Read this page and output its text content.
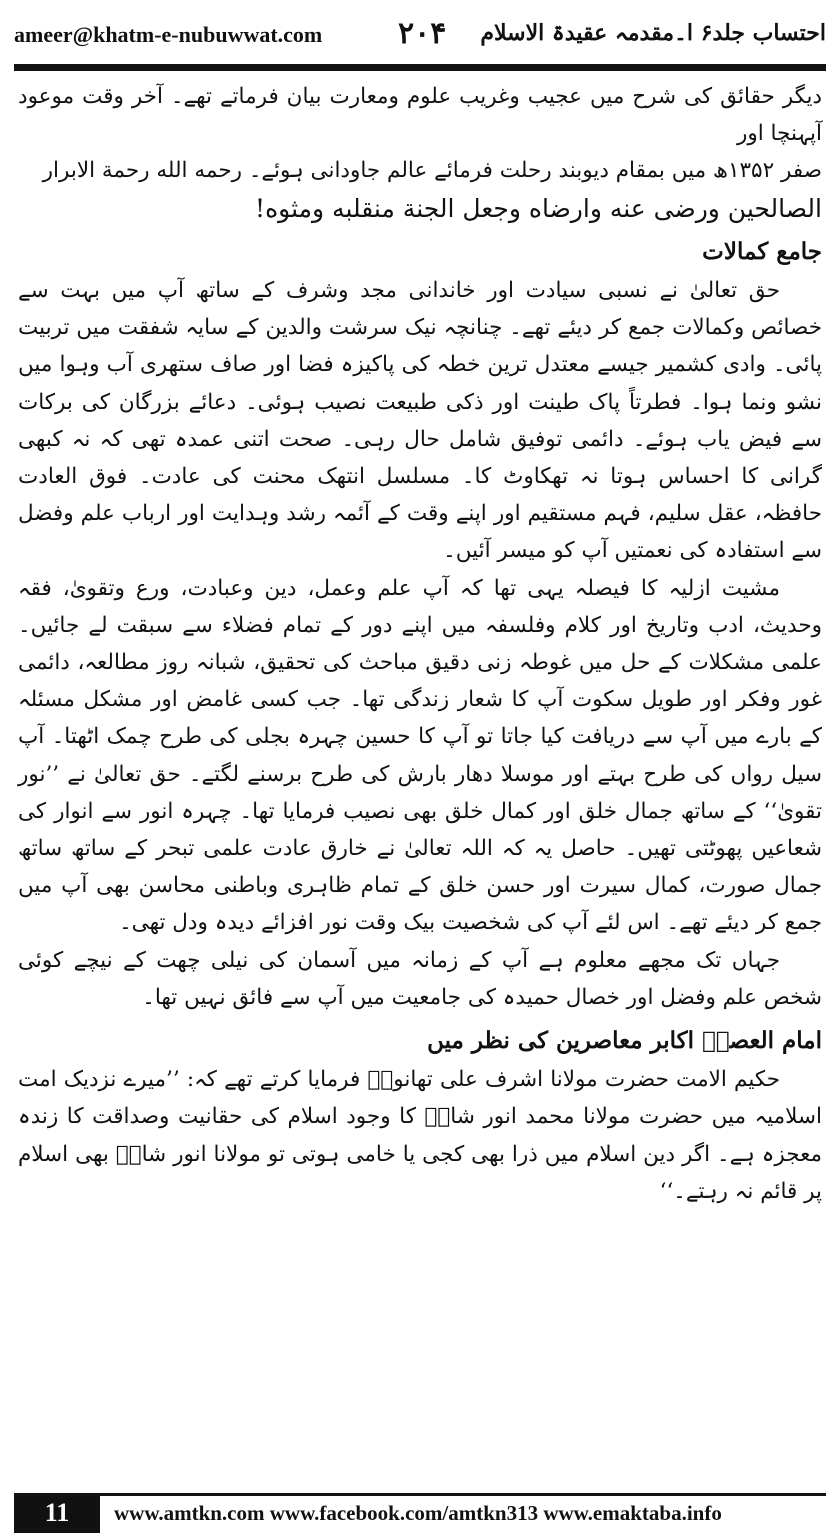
ameer@khatm-e-nubuwwat.com	۲۰۴ احتساب جلد۶ ا۔مقدمہ عقیدۃ الاسلام

دیگر حقائق کی شرح میں عجیب وغریب علوم ومعارت بیان فرماتے تھے۔ آخر وقت موعود آپہنچا اور

صفر ۱۳۵۲ھ میں بمقام دیوبند رحلت فرمائے عالم جاودانی ہوئے۔ رحمه الله رحمة الابرار

الصالحين ورضى عنه وارضاه وجعل الجنة منقلبه ومثوه!

جامع کمالات

حق تعالیٰ نے نسبی سیادت اور خاندانی مجد وشرف کے ساتھ آپ میں بہت سے خصائص وکمالات جمع کر دیئے تھے۔ چنانچہ نیک سرشت والدین کے سایہ شفقت میں تربیت پائی۔ وادی کشمیر جیسے معتدل ترین خطہ کی پاکیزہ فضا اور صاف ستھری آب وہوا میں نشو ونما ہوا۔ فطرتاً پاک طینت اور ذکی طبیعت نصیب ہوئی۔ دعائے بزرگان کی برکات سے فیض یاب ہوئے۔ دائمی توفیق شامل حال رہی۔ صحت اتنی عمدہ تھی کہ نہ کبھی گرانی کا احساس ہوتا نہ تھکاوٹ کا۔ مسلسل انتھک محنت کی عادت۔ فوق العادت حافظہ، عقل سلیم، فہم مستقیم اور اپنے وقت کے آئمہ رشد وہدایت اور ارباب علم وفضل سے استفادہ کی نعمتیں آپ کو میسر آئیں۔

مشیت ازلیہ کا فیصلہ یہی تھا کہ آپ علم وعمل، دین وعبادت، ورع وتقویٰ، فقہ وحدیث، ادب وتاریخ اور کلام وفلسفہ میں اپنے دور کے تمام فضلاء سے سبقت لے جائیں۔ علمی مشکلات کے حل میں غوطہ زنی دقیق مباحث کی تحقیق، شبانہ روز مطالعہ، دائمی غور وفکر اور طویل سکوت آپ کا شعار زندگی تھا۔ جب کسی غامض اور مشکل مسئلہ کے بارے میں آپ سے دریافت کیا جاتا تو آپ کا حسین چہرہ بجلی کی طرح چمک اٹھتا۔ آپ سیل رواں کی طرح بہتے اور موسلا دھار بارش کی طرح برسنے لگتے۔ حق تعالیٰ نے ’’نور تقویٰ‘‘ کے ساتھ جمال خلق اور کمال خلق بھی نصیب فرمایا تھا۔ چہرہ انور سے انوار کی شعاعیں پھوٹتی تھیں۔ حاصل یہ کہ اللہ تعالیٰ نے خارق عادت علمی تبحر کے ساتھ ساتھ جمال صورت، کمال سیرت اور حسن خلق کے تمام ظاہری وباطنی محاسن بھی آپ میں جمع کر دیئے تھے۔ اس لئے آپ کی شخصیت بیک وقت نور افزائے دیدہ ودل تھی۔

جہاں تک مجھے معلوم ہے آپ کے زمانہ میں آسمان کی نیلی چھت کے نیچے کوئی شخص علم وفضل اور خصال حمیدہ کی جامعیت میں آپ سے فائق نہیں تھا۔

امام العصرؒ اکابر معاصرین کی نظر میں

حکیم الامت حضرت مولانا اشرف علی تھانویؒ فرمایا کرتے تھے کہ: ’’میرے نزدیک امت اسلامیہ میں حضرت مولانا محمد انور شاہؒ کا وجود اسلام کی حقانیت وصداقت کا زندہ معجزہ ہے۔ اگر دین اسلام میں ذرا بھی کجی یا خامی ہوتی تو مولانا انور شاہؒ بھی اسلام پر قائم نہ رہتے۔‘‘

11	www.amtkn.com www.facebook.com/amtkn313 www.emaktaba.info
